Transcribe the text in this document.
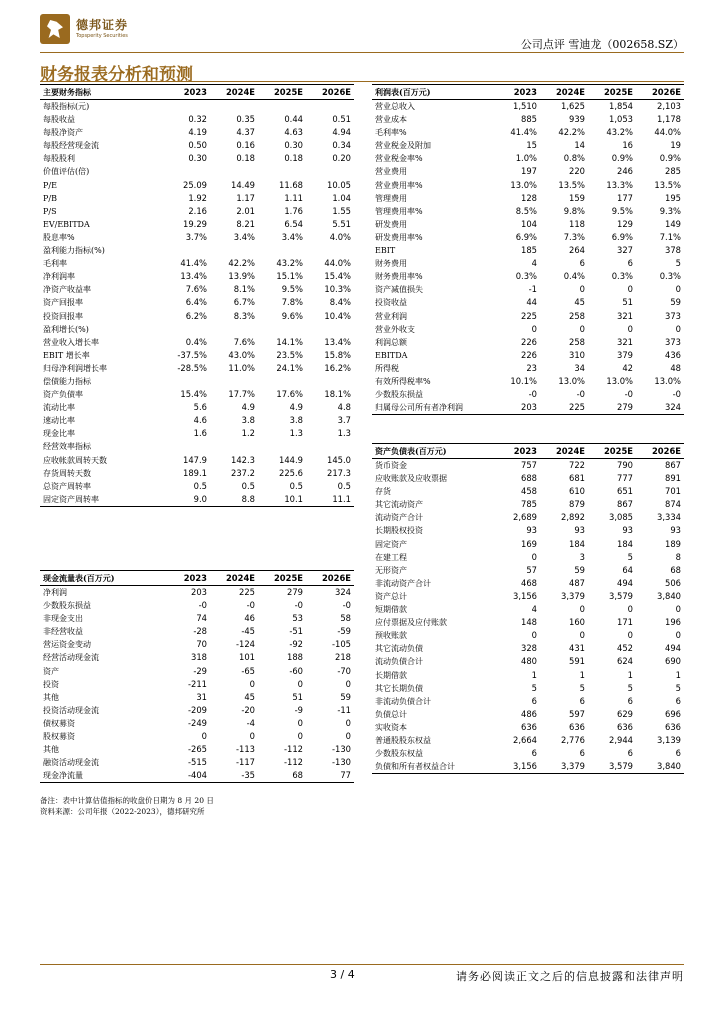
德邦证券
Topsperity Securities
公司点评 雪迪龙（002658.SZ）
财务报表分析和预测
主要财务指标	2023	2024E	2025E	2026E
每股指标(元)				
每股收益	0.32	0.35	0.44	0.51
每股净资产	4.19	4.37	4.63	4.94
每股经营现金流	0.50	0.16	0.30	0.34
每股股利	0.30	0.18	0.18	0.20
价值评估(倍)				
P/E	25.09	14.49	11.68	10.05
P/B	1.92	1.17	1.11	1.04
P/S	2.16	2.01	1.76	1.55
EV/EBITDA	19.29	8.21	6.54	5.51
股息率%	3.7%	3.4%	3.4%	4.0%
盈利能力指标(%)				
毛利率	41.4%	42.2%	43.2%	44.0%
净利润率	13.4%	13.9%	15.1%	15.4%
净资产收益率	7.6%	8.1%	9.5%	10.3%
资产回报率	6.4%	6.7%	7.8%	8.4%
投资回报率	6.2%	8.3%	9.6%	10.4%
盈利增长(%)				
营业收入增长率	0.4%	7.6%	14.1%	13.4%
EBIT 增长率	-37.5%	43.0%	23.5%	15.8%
归母净利润增长率	-28.5%	11.0%	24.1%	16.2%
偿债能力指标				
资产负债率	15.4%	17.7%	17.6%	18.1%
流动比率	5.6	4.9	4.9	4.8
速动比率	4.6	3.8	3.8	3.7
现金比率	1.6	1.2	1.3	1.3
经营效率指标				
应收帐款周转天数	147.9	142.3	144.9	145.0
存货周转天数	189.1	237.2	225.6	217.3
总资产周转率	0.5	0.5	0.5	0.5
固定资产周转率	9.0	8.8	10.1	11.1
现金流量表(百万元)	2023	2024E	2025E	2026E
净利润	203	225	279	324
少数股东损益	-0	-0	-0	-0
非现金支出	74	46	53	58
非经营收益	-28	-45	-51	-59
营运资金变动	70	-124	-92	-105
经营活动现金流	318	101	188	218
资产	-29	-65	-60	-70
投资	-211	0	0	0
其他	31	45	51	59
投资活动现金流	-209	-20	-9	-11
债权募资	-249	-4	0	0
股权募资	0	0	0	0
其他	-265	-113	-112	-130
融资活动现金流	-515	-117	-112	-130
现金净流量	-404	-35	68	77
利润表(百万元)	2023	2024E	2025E	2026E
营业总收入	1,510	1,625	1,854	2,103
营业成本	885	939	1,053	1,178
毛利率%	41.4%	42.2%	43.2%	44.0%
营业税金及附加	15	14	16	19
营业税金率%	1.0%	0.8%	0.9%	0.9%
营业费用	197	220	246	285
营业费用率%	13.0%	13.5%	13.3%	13.5%
管理费用	128	159	177	195
管理费用率%	8.5%	9.8%	9.5%	9.3%
研发费用	104	118	129	149
研发费用率%	6.9%	7.3%	6.9%	7.1%
EBIT	185	264	327	378
财务费用	4	6	6	5
财务费用率%	0.3%	0.4%	0.3%	0.3%
资产减值损失	-1	0	0	0
投资收益	44	45	51	59
营业利润	225	258	321	373
营业外收支	0	0	0	0
利润总额	226	258	321	373
EBITDA	226	310	379	436
所得税	23	34	42	48
有效所得税率%	10.1%	13.0%	13.0%	13.0%
少数股东损益	-0	-0	-0	-0
归属母公司所有者净利润	203	225	279	324
资产负债表(百万元)	2023	2024E	2025E	2026E
货币资金	757	722	790	867
应收账款及应收票据	688	681	777	891
存货	458	610	651	701
其它流动资产	785	879	867	874
流动资产合计	2,689	2,892	3,085	3,334
长期股权投资	93	93	93	93
固定资产	169	184	184	189
在建工程	0	3	5	8
无形资产	57	59	64	68
非流动资产合计	468	487	494	506
资产总计	3,156	3,379	3,579	3,840
短期借款	4	0	0	0
应付票据及应付账款	148	160	171	196
预收账款	0	0	0	0
其它流动负债	328	431	452	494
流动负债合计	480	591	624	690
长期借款	1	1	1	1
其它长期负债	5	5	5	5
非流动负债合计	6	6	6	6
负债总计	486	597	629	696
实收资本	636	636	636	636
普通股股东权益	2,664	2,776	2,944	3,139
少数股东权益	6	6	6	6
负债和所有者权益合计	3,156	3,379	3,579	3,840
备注：表中计算估值指标的收盘价日期为 8 月 20 日
资料来源：公司年报（2022-2023），德邦研究所
3 / 4	请务必阅读正文之后的信息披露和法律声明
